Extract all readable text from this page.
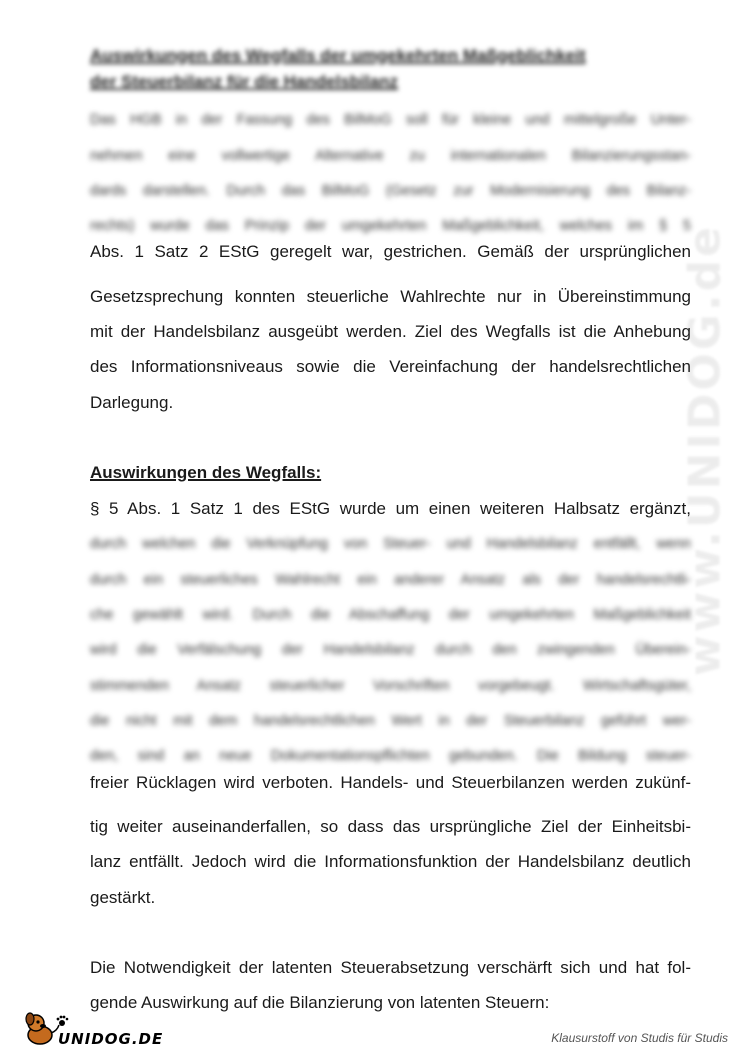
Auswirkungen des Wegfalls der umgekehrten Maßgeblichkeit
der Steuerbilanz für die Handelsbilanz
Das HGB in der Fassung des BilMoG soll für kleine und mittelgroße Unter-
nehmen eine vollwertige Alternative zu internationalen Bilanzierungsstan-
dards darstellen. Durch das BilMoG (Gesetz zur Modernisierung des Bilanz-
rechts) wurde das Prinzip der umgekehrten Maßgeblichkeit, welches im § 5
Abs. 1 Satz 2 EStG geregelt war, gestrichen. Gemäß der ursprünglichen
Gesetzsprechung konnten steuerliche Wahlrechte nur in Übereinstimmung
mit der Handelsbilanz ausgeübt werden. Ziel des Wegfalls ist die Anhebung
des Informationsniveaus sowie die Vereinfachung der handelsrechtlichen
Darlegung.
Auswirkungen des Wegfalls:
§ 5 Abs. 1 Satz 1 des EStG wurde um einen weiteren Halbsatz ergänzt,
durch welchen die Verknüpfung von Steuer- und Handelsbilanz entfällt, wenn
durch ein steuerliches Wahlrecht ein anderer Ansatz als der handelsrechtli-
che gewählt wird. Durch die Abschaffung der umgekehrten Maßgeblichkeit
wird die Verfälschung der Handelsbilanz durch den zwingenden Überein-
stimmenden Ansatz steuerlicher Vorschriften vorgebeugt. Wirtschaftsgüter,
die nicht mit dem handelsrechtlichen Wert in der Steuerbilanz geführt wer-
den, sind an neue Dokumentationspflichten gebunden. Die Bildung steuer-
freier Rücklagen wird verboten. Handels- und Steuerbilanzen werden zukünf-
tig weiter auseinanderfallen, so dass das ursprüngliche Ziel der Einheitsbi-
lanz entfällt. Jedoch wird die Informationsfunktion der Handelsbilanz deutlich
gestärkt.
Die Notwendigkeit der latenten Steuerabsetzung verschärft sich und hat fol-
gende Auswirkung auf die Bilanzierung von latenten Steuern:
www.UNIDOG.de
UNIDOG.DE	Klausurstoff von Studis für Studis
